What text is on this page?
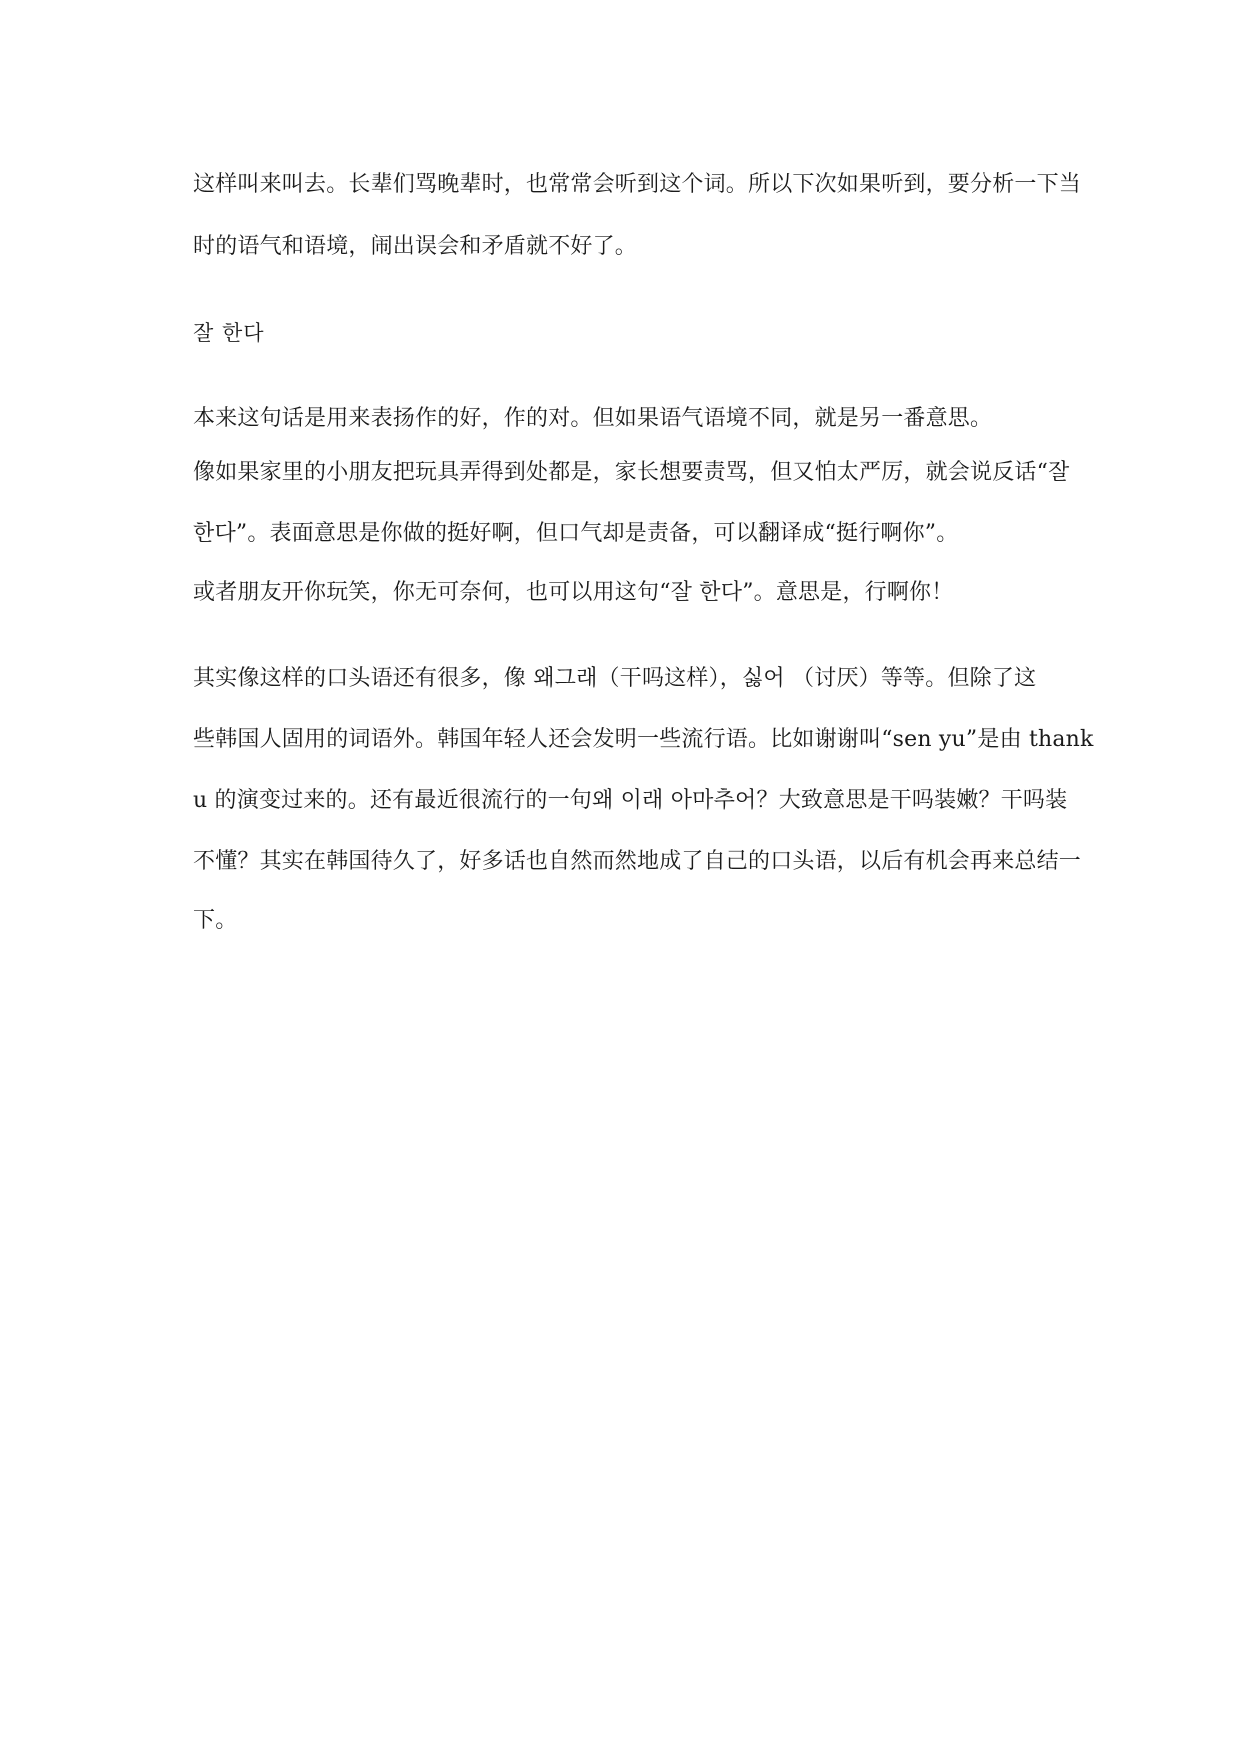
这样叫来叫去。长辈们骂晚辈时，也常常会听到这个词。所以下次如果听到，要分析一下当
时的语气和语境，闹出误会和矛盾就不好了。
잘 한다
本来这句话是用来表扬作的好，作的对。但如果语气语境不同，就是另一番意思。
像如果家里的小朋友把玩具弄得到处都是，家长想要责骂，但又怕太严厉，就会说反话“잘
한다”。表面意思是你做的挺好啊，但口气却是责备，可以翻译成“挺行啊你”。
或者朋友开你玩笑，你无可奈何，也可以用这句“잘 한다”。意思是，行啊你！
其实像这样的口头语还有很多，像 왜그래（干吗这样），싫어 （讨厌）等等。但除了这
些韩国人固用的词语外。韩国年轻人还会发明一些流行语。比如谢谢叫“sen yu”是由 thank
u 的演变过来的。还有最近很流行的一句왜 이래 아마추어？大致意思是干吗装嫩？干吗装
不懂？其实在韩国待久了，好多话也自然而然地成了自己的口头语，以后有机会再来总结一
下。
